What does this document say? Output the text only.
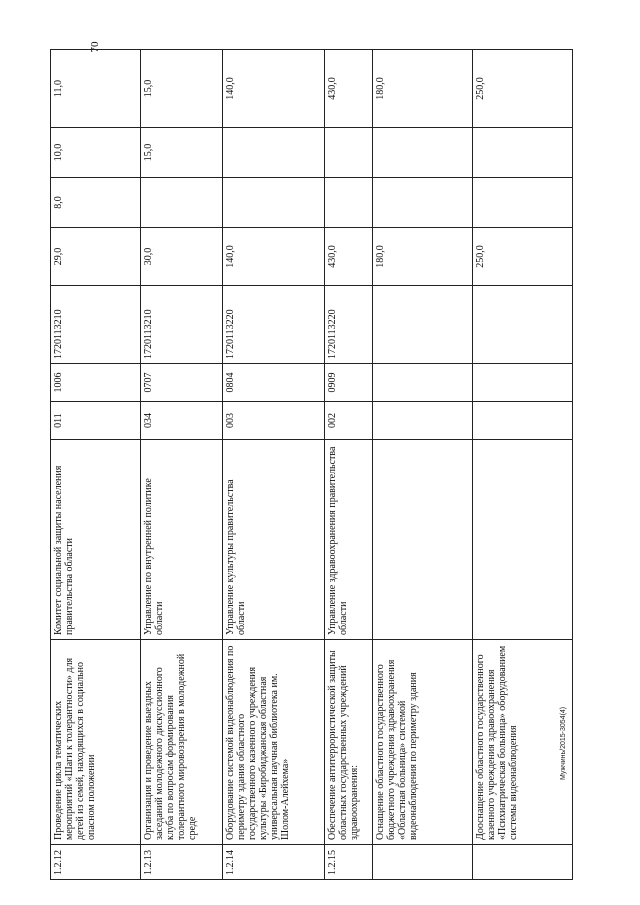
70
1.2.12	Проведение цикла тематических мероприятий «Шаги к толерантности» для детей из семей, находящихся в социально опасном положении	Комитет социальной защиты населения правительства области	011	1006	1720113210	29,0	8,0	10,0	11,0
1.2.13	Организация и проведение выездных заседаний молодежного дискуссионного клуба по вопросам формирования толерантного мировоззрения в молодежной среде	Управление по внутренней политике области	034	0707	1720113210	30,0		15,0	15,0
1.2.14	Оборудование системой видеонаблюдения по периметру здания областного государственного казенного учреждения культуры «Биробиджанская областная универсальная научная библиотека им. Шолом-Алейхема»	Управление культуры правительства области	003	0804	1720113220	140,0			140,0
1.2.15	Обеспечение антитеррористической защиты областных государственных учреждений здравоохранения:	Управление здравоохранения правительства области	002	0909	1720113220	430,0			430,0
	Оснащение областного государственного бюджетного учреждения здравоохранения «Областная больница» системой видеонаблюдения по периметру здания					180,0			180,0
	Дооснащение областного государственного казенного учреждения здравоохранения «Психиатрическая больница» оборудованием системы видеонаблюдения					250,0			250,0
Мужчинь/2015-3054(4)
